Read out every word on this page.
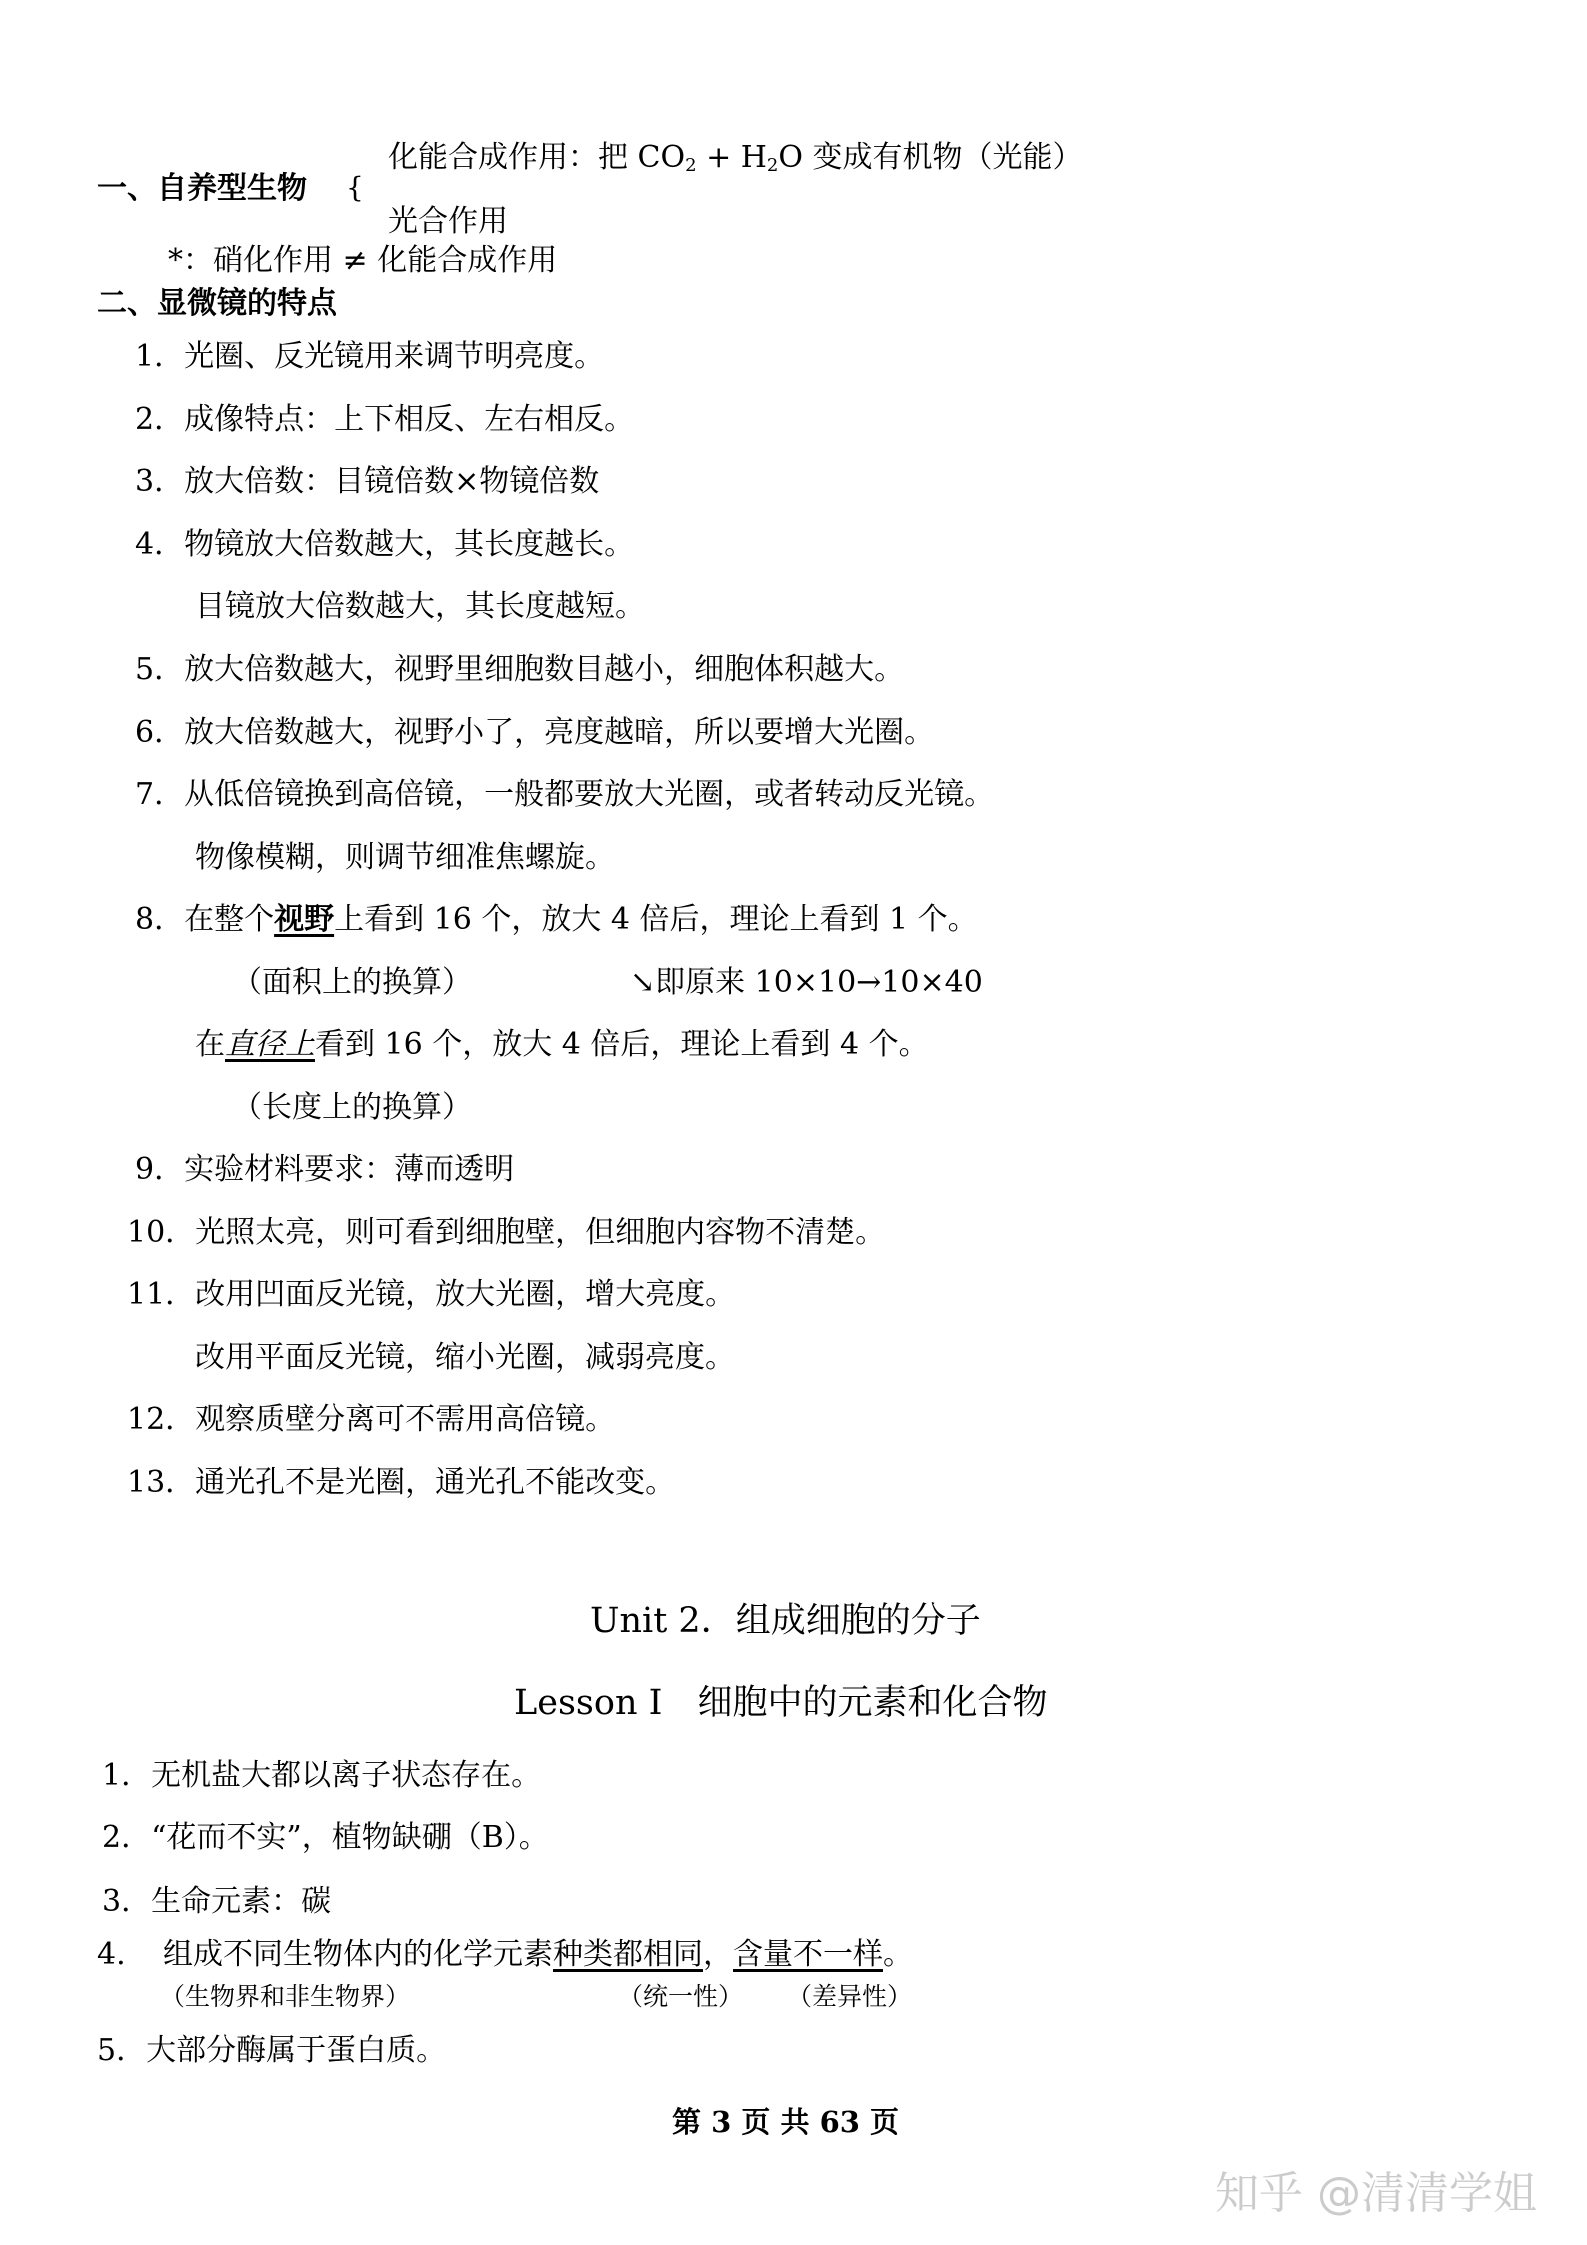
化能合成作用：把 $CO_2 + H_2O$ 变成有机物（光能）
一、自养型生物 {
光合作用
*：硝化作用 ≠ 化能合成作用
二、显微镜的特点
1．光圈、反光镜用来调节明亮度。
2．成像特点：上下相反、左右相反。
3．放大倍数：目镜倍数×物镜倍数
4．物镜放大倍数越大，其长度越长。
目镜放大倍数越大，其长度越短。
5．放大倍数越大，视野里细胞数目越小，细胞体积越大。
6．放大倍数越大，视野小了，亮度越暗，所以要增大光圈。
7．从低倍镜换到高倍镜，一般都要放大光圈，或者转动反光镜。
物像模糊，则调节细准焦螺旋。
8．在整个视野上看到 16 个，放大 4 倍后，理论上看到 1 个。
（面积上的换算）	↘即原来 10×10→10×40
在直径上看到 16 个，放大 4 倍后，理论上看到 4 个。
（长度上的换算）
9．实验材料要求：薄而透明
10．光照太亮，则可看到细胞壁，但细胞内容物不清楚。
11．改用凹面反光镜，放大光圈，增大亮度。
改用平面反光镜，缩小光圈，减弱亮度。
12．观察质壁分离可不需用高倍镜。
13．通光孔不是光圈，通光孔不能改变。
Unit 2．组成细胞的分子
Lesson Ⅰ　细胞中的元素和化合物
1．无机盐大都以离子状态存在。
2．“花而不实”，植物缺硼（B）。
3．生命元素：碳
4. 组成不同生物体内的化学元素种类都相同，含量不一样。
（生物界和非生物界）	（统一性） （差异性）
5．大部分酶属于蛋白质。
第 3 页 共 63 页
知乎 @清清学姐
